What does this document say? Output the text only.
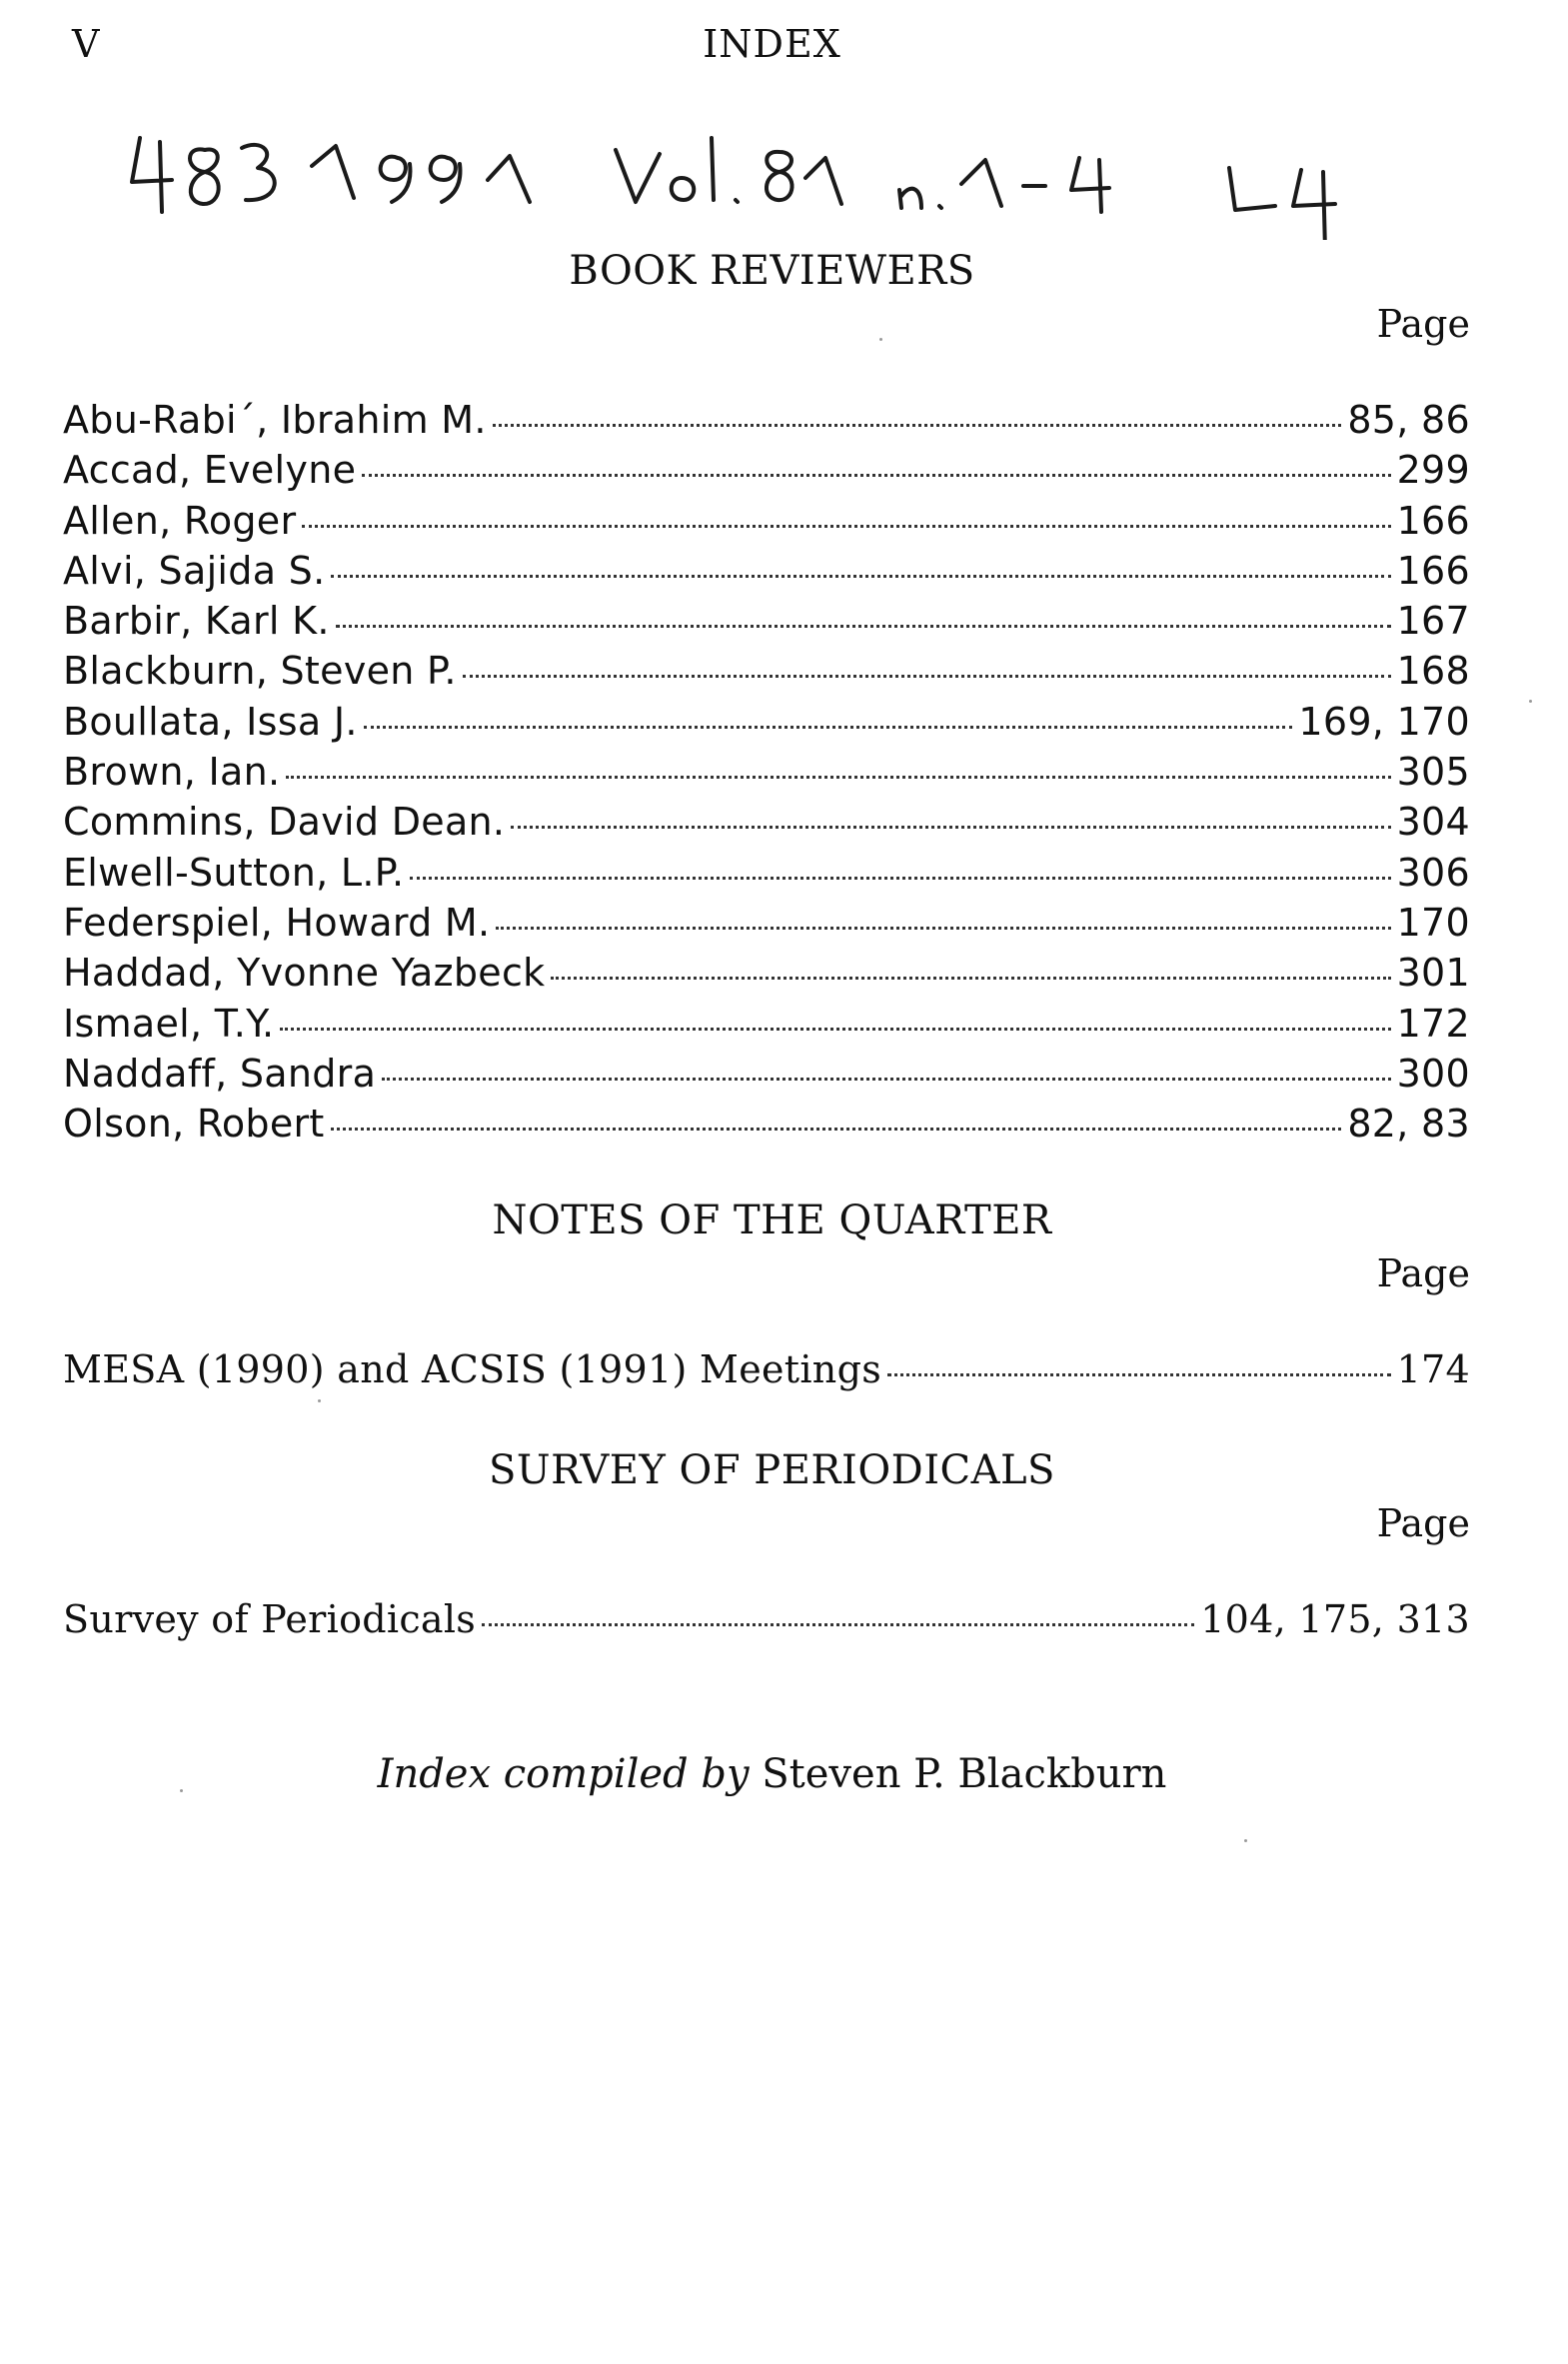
V	INDEX
BOOK REVIEWERS
Page
Abu-Rabi´, Ibrahim M.	85, 86
Accad, Evelyne	299
Allen, Roger	166
Alvi, Sajida S.	166
Barbir, Karl K.	167
Blackburn, Steven P.	168
Boullata, Issa J.	169, 170
Brown, Ian.	305
Commins, David Dean.	304
Elwell-Sutton, L.P.	306
Federspiel, Howard M.	170
Haddad, Yvonne Yazbeck	301
Ismael, T.Y.	172
Naddaff, Sandra	300
Olson, Robert	82, 83
NOTES OF THE QUARTER
Page
MESA (1990) and ACSIS (1991) Meetings	174
SURVEY OF PERIODICALS
Page
Survey of Periodicals	104, 175, 313
Index compiled by Steven P. Blackburn
